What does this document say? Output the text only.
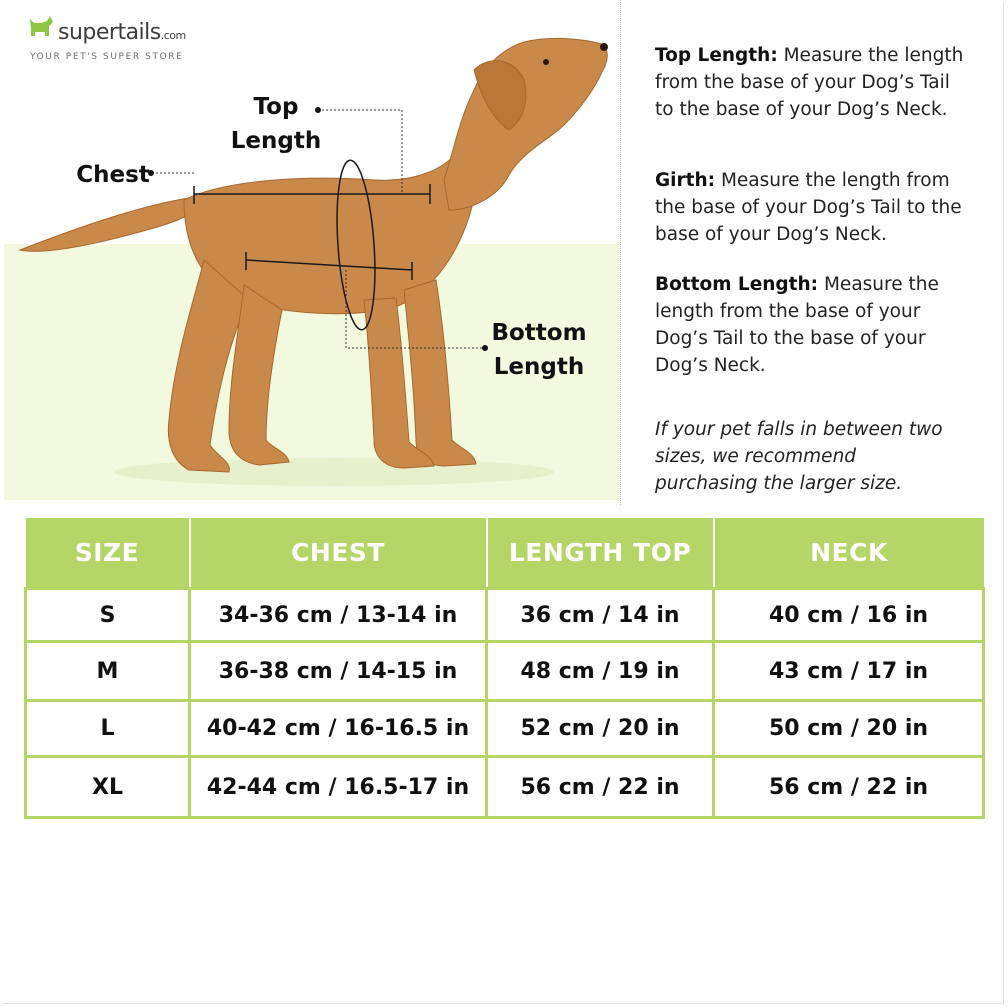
supertails.com
YOUR PET'S SUPER STORE
Top
Length
Chest
Bottom
Length
Top Length: Measure the length from the base of your Dog’s Tail to the base of your Dog’s Neck.
Girth: Measure the length from the base of your Dog’s Tail to the base of your Dog’s Neck.
Bottom Length: Measure the length from the base of your Dog’s Tail to the base of your Dog’s Neck.
If your pet falls in between two sizes, we recommend purchasing the larger size.
SIZE	CHEST	LENGTH TOP	NECK
S	34-36 cm / 13-14 in	36 cm / 14 in	40 cm / 16 in
M	36-38 cm / 14-15 in	48 cm / 19 in	43 cm / 17 in
L	40-42 cm / 16-16.5 in	52 cm / 20 in	50 cm / 20 in
XL	42-44 cm / 16.5-17 in	56 cm / 22 in	56 cm / 22 in
